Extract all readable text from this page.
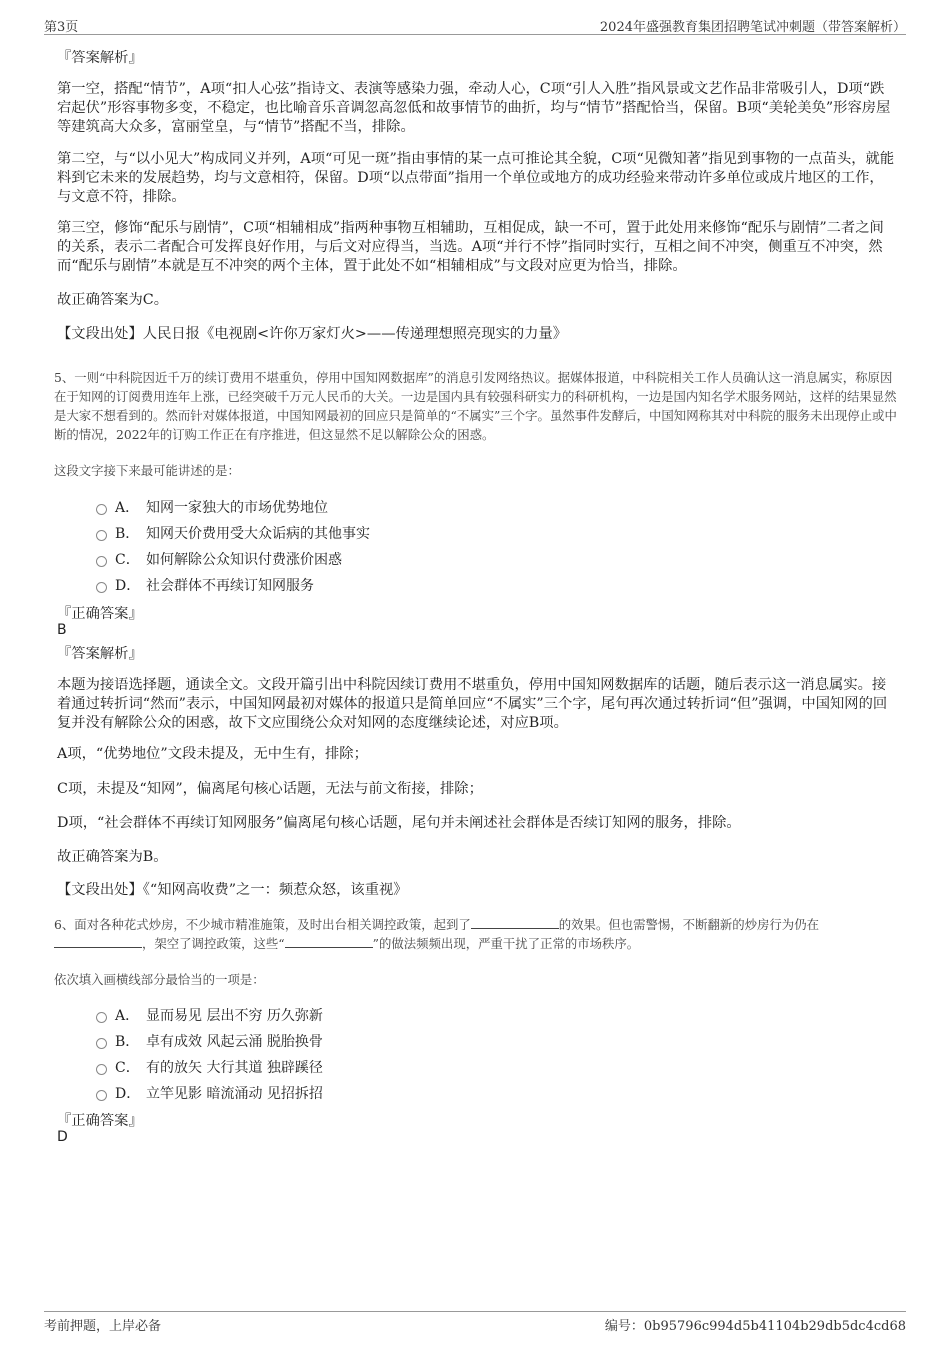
第3页	2024年盛强教育集团招聘笔试冲刺题（带答案解析）
『答案解析』

第一空，搭配“情节”，A项“扣人心弦”指诗文、表演等感染力强，牵动人心，C项“引人入胜”指风景或文艺作品非常吸引人，D项“跌宕起伏”形容事物多变，不稳定，也比喻音乐音调忽高忽低和故事情节的曲折，均与“情节”搭配恰当，保留。B项“美轮美奂”形容房屋等建筑高大众多，富丽堂皇，与“情节”搭配不当，排除。

第二空，与“以小见大”构成同义并列，A项“可见一斑”指由事情的某一点可推论其全貌，C项“见微知著”指见到事物的一点苗头，就能料到它未来的发展趋势，均与文意相符，保留。D项“以点带面”指用一个单位或地方的成功经验来带动许多单位或成片地区的工作，与文意不符，排除。

第三空，修饰“配乐与剧情”，C项“相辅相成”指两种事物互相辅助，互相促成，缺一不可，置于此处用来修饰“配乐与剧情”二者之间的关系，表示二者配合可发挥良好作用，与后文对应得当，当选。A项“并行不悖”指同时实行，互相之间不冲突，侧重互不冲突，然而“配乐与剧情”本就是互不冲突的两个主体，置于此处不如“相辅相成”与文段对应更为恰当，排除。

故正确答案为C。
【文段出处】人民日报《电视剧<许你万家灯火>——传递理想照亮现实的力量》

5、一则“中科院因近千万的续订费用不堪重负，停用中国知网数据库”的消息引发网络热议。据媒体报道，中科院相关工作人员确认这一消息属实，称原因在于知网的订阅费用连年上涨，已经突破千万元人民币的大关。一边是国内具有较强科研实力的科研机构，一边是国内知名学术服务网站，这样的结果显然是大家不想看到的。然而针对媒体报道，中国知网最初的回应只是简单的“不属实”三个字。虽然事件发酵后，中国知网称其对中科院的服务未出现停止或中断的情况，2022年的订购工作正在有序推进，但这显然不足以解除公众的困惑。

这段文字接下来最可能讲述的是：
A． 知网一家独大的市场优势地位
B． 知网天价费用受大众诟病的其他事实
C． 如何解除公众知识付费涨价困惑
D． 社会群体不再续订知网服务
『正确答案』
B
『答案解析』

本题为接语选择题，通读全文。文段开篇引出中科院因续订费用不堪重负，停用中国知网数据库的话题，随后表示这一消息属实。接着通过转折词“然而”表示，中国知网最初对媒体的报道只是简单回应“不属实”三个字，尾句再次通过转折词“但”强调，中国知网的回复并没有解除公众的困惑，故下文应围绕公众对知网的态度继续论述，对应B项。

A项，“优势地位”文段未提及，无中生有，排除；
C项，未提及“知网”，偏离尾句核心话题，无法与前文衔接，排除；
D项，“社会群体不再续订知网服务”偏离尾句核心话题，尾句并未阐述社会群体是否续订知网的服务，排除。
故正确答案为B。
【文段出处】《“知网高收费”之一：频惹众怒，该重视》

6、面对各种花式炒房，不少城市精准施策，及时出台相关调控政策，起到了	的效果。但也需警惕，不断翻新的炒房行为仍在，架空了调控政策，这些“	”的做法频频出现，严重干扰了正常的市场秩序。

依次填入画横线部分最恰当的一项是：
A． 显而易见 层出不穷 历久弥新
B． 卓有成效 风起云涌 脱胎换骨
C． 有的放矢 大行其道 独辟蹊径
D． 立竿见影 暗流涌动 见招拆招
『正确答案』
D
考前押题，上岸必备	编号：0b95796c994d5b41104b29db5dc4cd68
